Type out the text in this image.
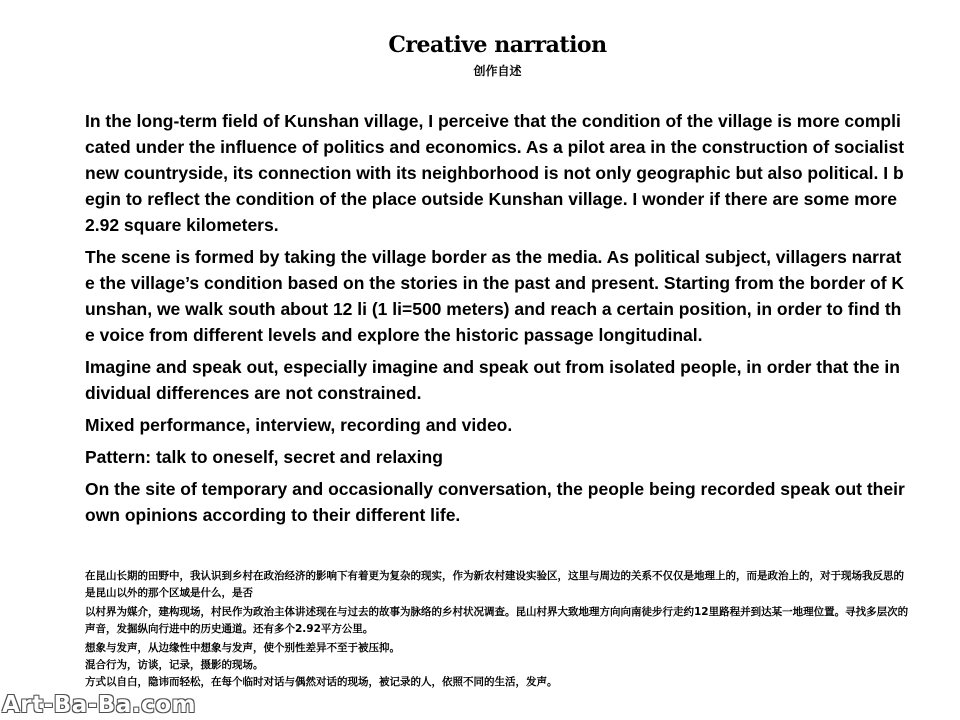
Creative narration
创作自述

In the long-term field of Kunshan village, I perceive that the condition of the village is more complicated under the influence of politics and economics. As a pilot area in the construction of socialist new countryside, its connection with its neighborhood is not only geographic but also political. I begin to reflect the condition of the place outside Kunshan village. I wonder if there are some more 2.92 square kilometers.

The scene is formed by taking the village border as the media. As political subject, villagers narrate the village’s condition based on the stories in the past and present. Starting from the border of Kunshan, we walk south about 12 li (1 li=500 meters) and reach a certain position, in order to find the voice from different levels and explore the historic passage longitudinal.

Imagine and speak out, especially imagine and speak out from isolated people, in order that the individual differences are not constrained.

Mixed performance, interview, recording and video.

Pattern: talk to oneself, secret and relaxing

On the site of temporary and occasionally conversation, the people being recorded speak out their own opinions according to their different life.

在昆山长期的田野中，我认识到乡村在政治经济的影响下有着更为复杂的现实，作为新农村建设实验区，这里与周边的关系不仅仅是地理上的，而是政治上的，对于现场我反思的是昆山以外的那个区域是什么，是否

以村界为媒介，建构现场，村民作为政治主体讲述现在与过去的故事为脉络的乡村状况调查。昆山村界大致地理方向向南徒步行走约12里路程并到达某一地理位置。寻找多层次的声音，发掘纵向行进中的历史通道。还有多个2.92平方公里。

想象与发声，从边缘性中想象与发声，使个别性差异不至于被压抑。

混合行为，访谈，记录，摄影的现场。

方式以自白，隐讳而轻松，在每个临时对话与偶然对话的现场，被记录的人，依照不同的生活，发声。

Art-Ba-Ba.com
